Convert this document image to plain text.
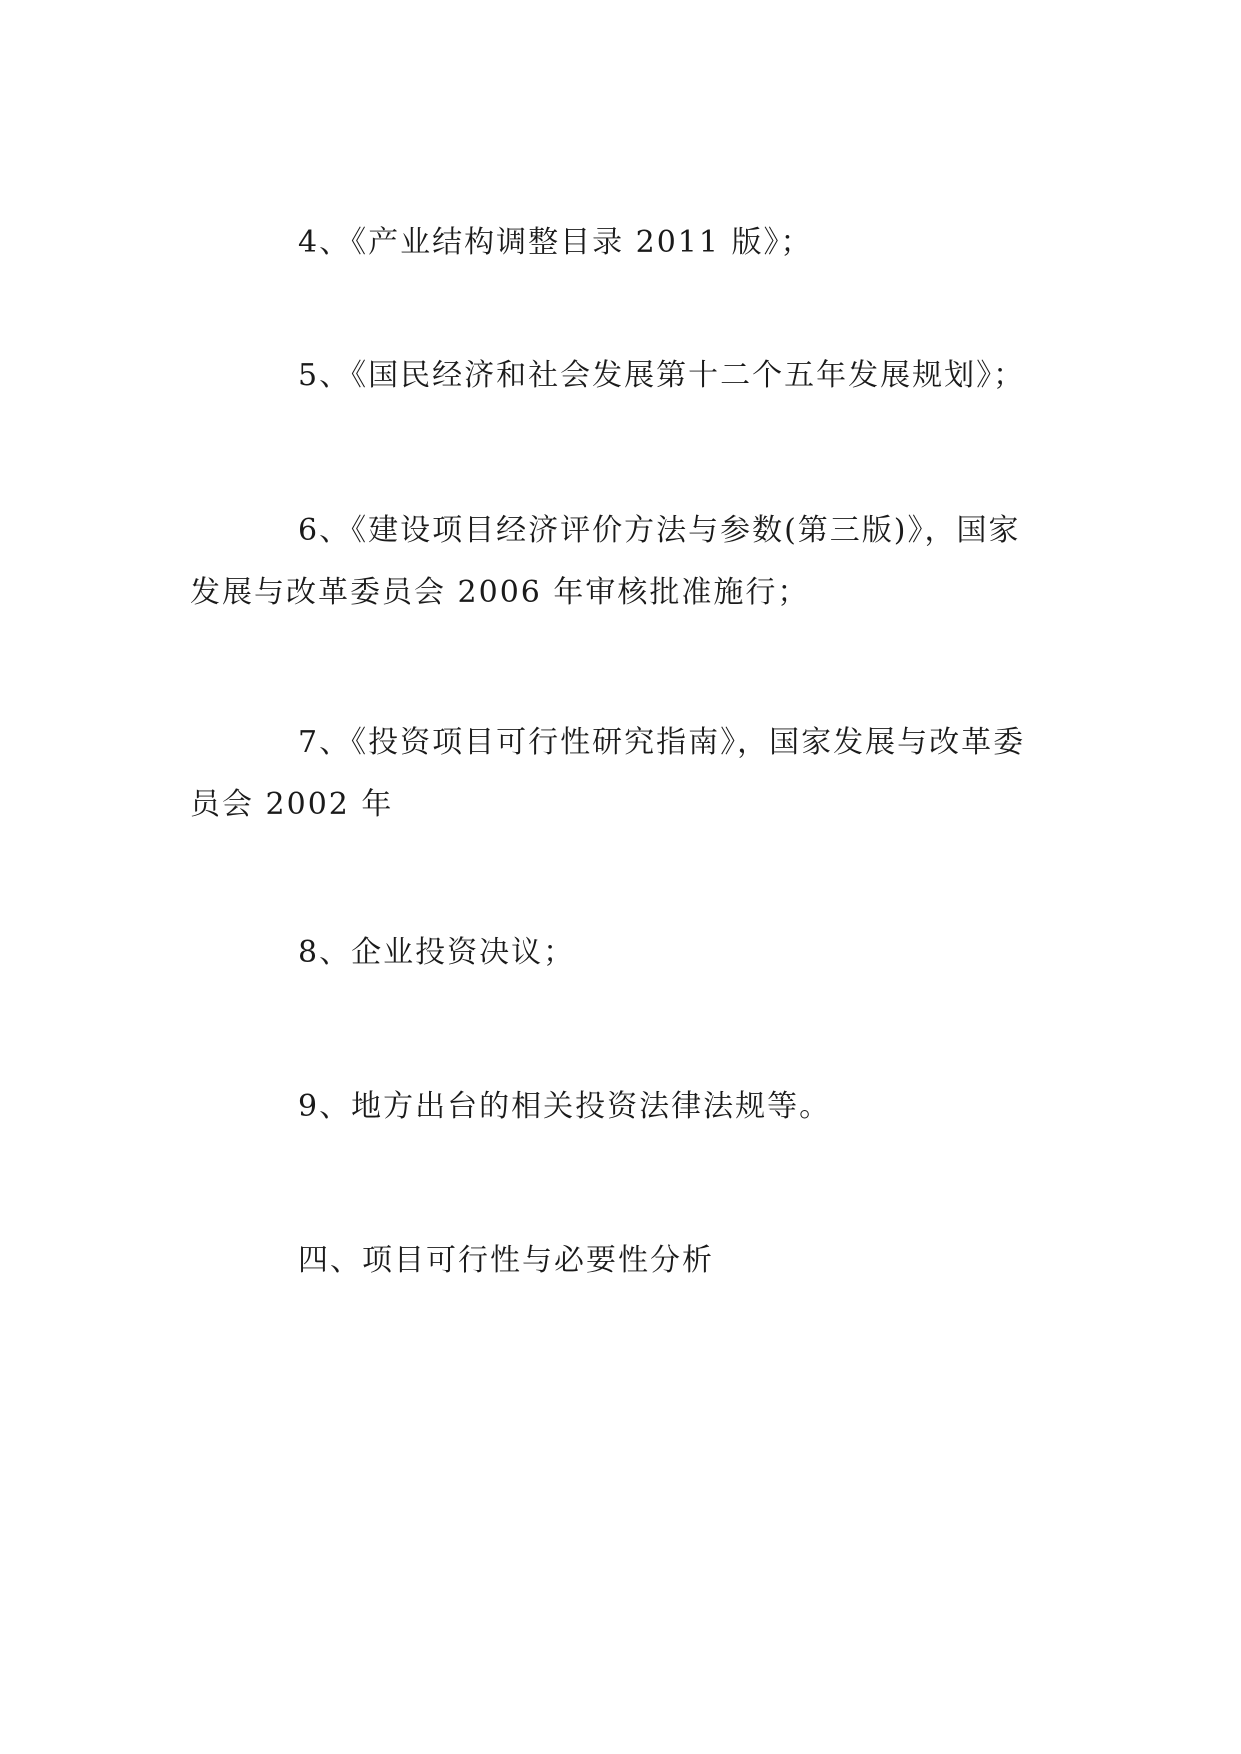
4、《产业结构调整目录 2011 版》；
5、《国民经济和社会发展第十二个五年发展规划》；
6、《建设项目经济评价方法与参数(第三版)》，国家
发展与改革委员会 2006 年审核批准施行；
7、《投资项目可行性研究指南》，国家发展与改革委
员会 2002 年
8、企业投资决议；
9、地方出台的相关投资法律法规等。
四、项目可行性与必要性分析
